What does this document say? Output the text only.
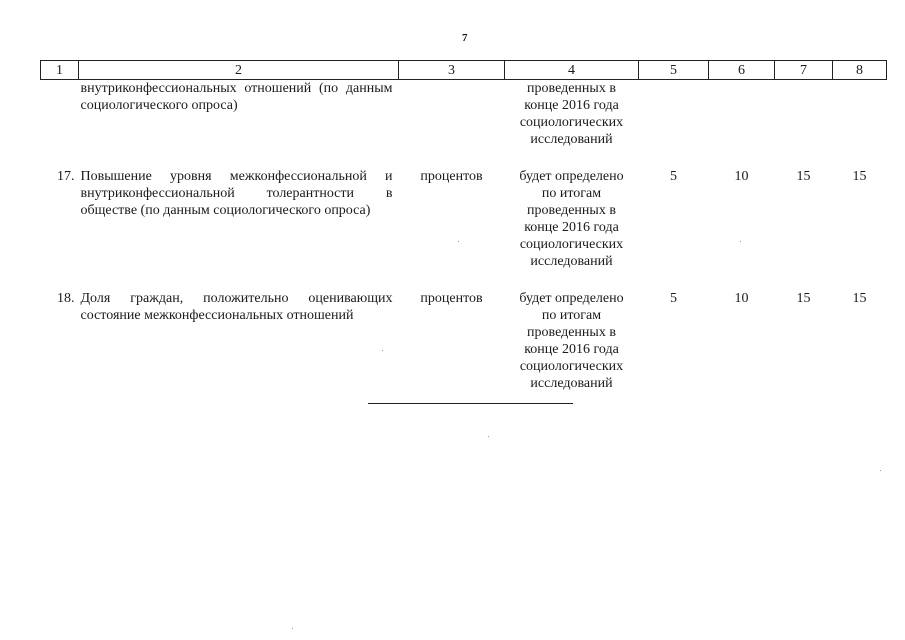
7
1	2	3	4	5	6	7	8
	внутриконфессиональных отношений (по данным социологического опроса)		проведенных в конце 2016 года социологических исследований				

17.	Повышение уровня межконфессиональной и внутриконфессиональной толерантности в обществе (по данным социологического опроса)	процентов	будет определено по итогам проведенных в конце 2016 года социологических исследований	5	10	15	15

18.	Доля граждан, положительно оценивающих состояние межконфессиональных отношений	процентов	будет определено по итогам проведенных в конце 2016 года социологических исследований	5	10	15	15
